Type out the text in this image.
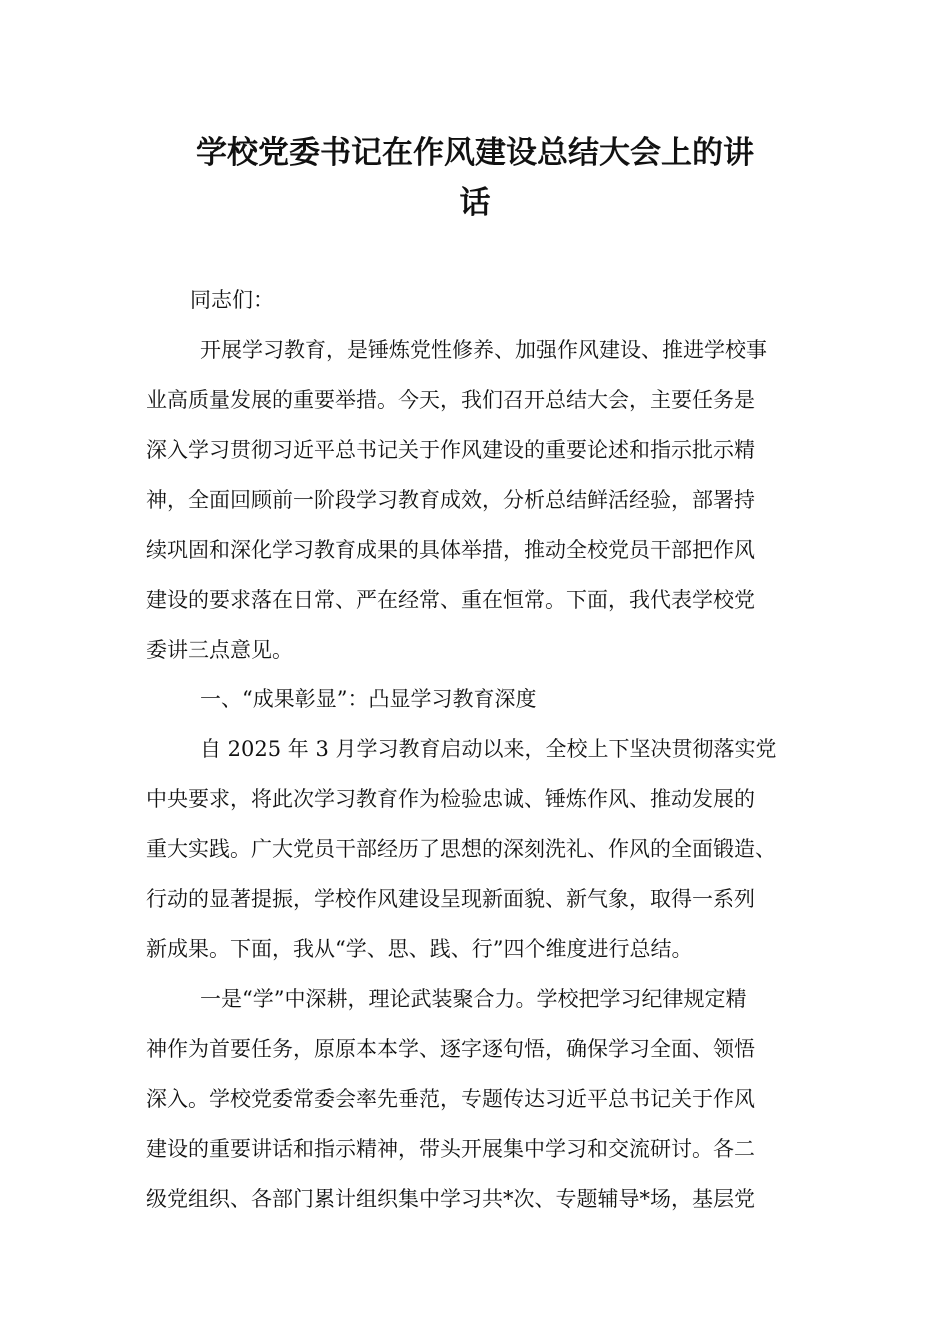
学校党委书记在作风建设总结大会上的讲
话

同志们：

开展学习教育，是锤炼党性修养、加强作风建设、推进学校事

业高质量发展的重要举措。今天，我们召开总结大会，主要任务是

深入学习贯彻习近平总书记关于作风建设的重要论述和指示批示精

神，全面回顾前一阶段学习教育成效，分析总结鲜活经验，部署持

续巩固和深化学习教育成果的具体举措，推动全校党员干部把作风

建设的要求落在日常、严在经常、重在恒常。下面，我代表学校党

委讲三点意见。

一、“成果彰显”：凸显学习教育深度

自 2025 年 3 月学习教育启动以来，全校上下坚决贯彻落实党

中央要求，将此次学习教育作为检验忠诚、锤炼作风、推动发展的

重大实践。广大党员干部经历了思想的深刻洗礼、作风的全面锻造、

行动的显著提振，学校作风建设呈现新面貌、新气象，取得一系列

新成果。下面，我从“学、思、践、行”四个维度进行总结。

一是“学”中深耕，理论武装聚合力。学校把学习纪律规定精

神作为首要任务，原原本本学、逐字逐句悟，确保学习全面、领悟

深入。学校党委常委会率先垂范，专题传达习近平总书记关于作风

建设的重要讲话和指示精神，带头开展集中学习和交流研讨。各二

级党组织、各部门累计组织集中学习共*次、专题辅导*场，基层党
